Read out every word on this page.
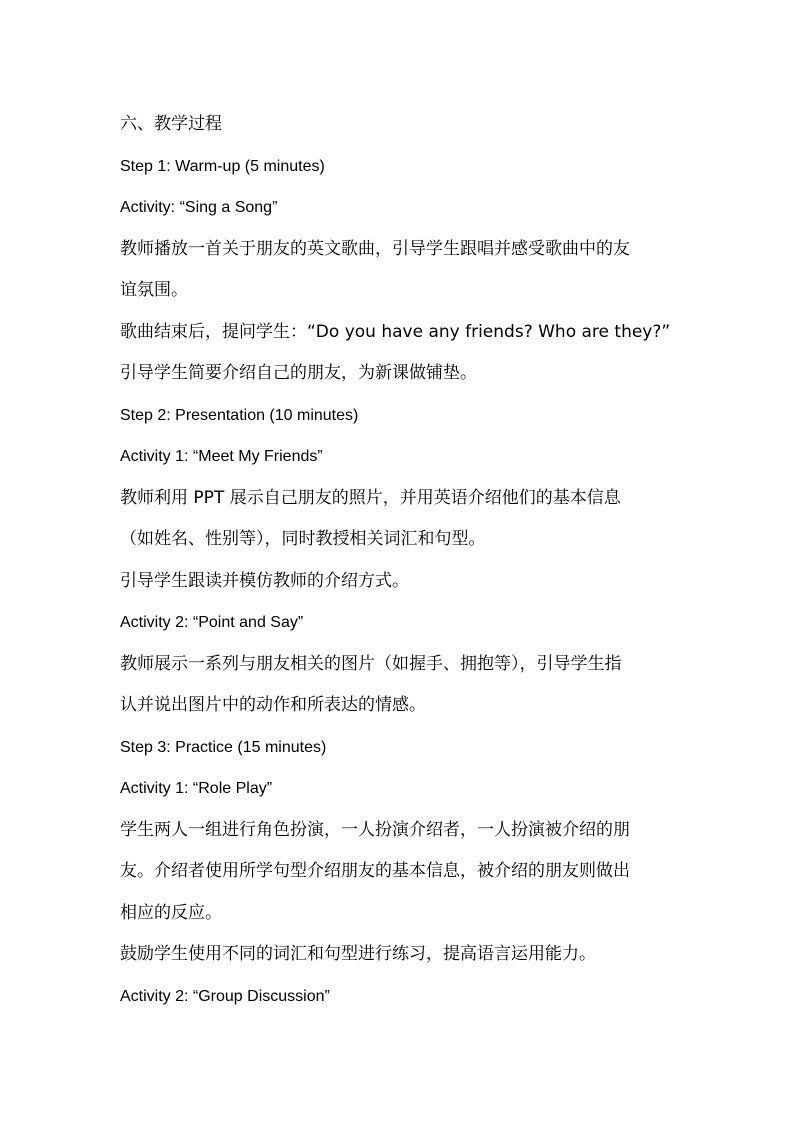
六、教学过程
Step 1: Warm-up (5 minutes)
Activity: “Sing a Song”
教师播放一首关于朋友的英文歌曲，引导学生跟唱并感受歌曲中的友
谊氛围。
歌曲结束后，提问学生：“Do you have any friends? Who are they?”
引导学生简要介绍自己的朋友，为新课做铺垫。
Step 2: Presentation (10 minutes)
Activity 1: “Meet My Friends”
教师利用 PPT 展示自己朋友的照片，并用英语介绍他们的基本信息
（如姓名、性别等），同时教授相关词汇和句型。
引导学生跟读并模仿教师的介绍方式。
Activity 2: “Point and Say”
教师展示一系列与朋友相关的图片（如握手、拥抱等），引导学生指
认并说出图片中的动作和所表达的情感。
Step 3: Practice (15 minutes)
Activity 1: “Role Play”
学生两人一组进行角色扮演，一人扮演介绍者，一人扮演被介绍的朋
友。介绍者使用所学句型介绍朋友的基本信息，被介绍的朋友则做出
相应的反应。
鼓励学生使用不同的词汇和句型进行练习，提高语言运用能力。
Activity 2: “Group Discussion”
